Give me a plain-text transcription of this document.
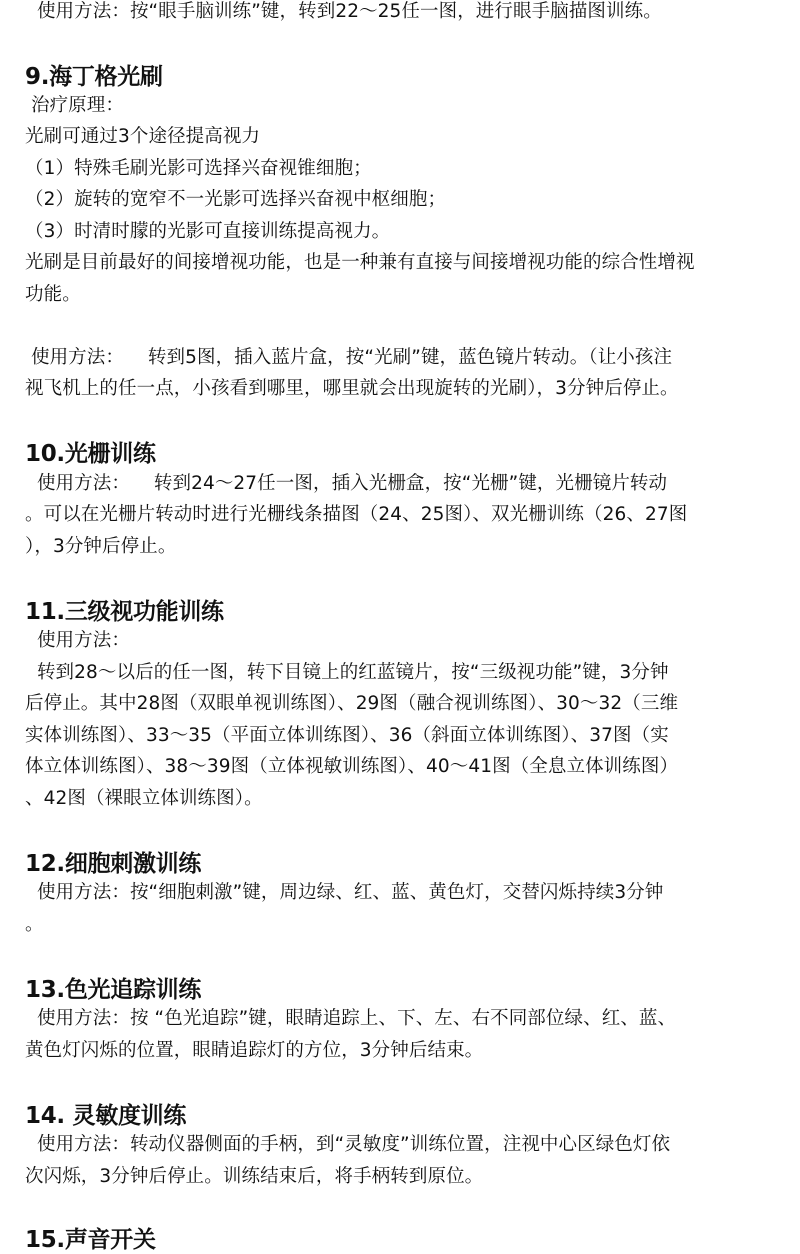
使用方法：按“眼手脑训练”键，转到22～25任一图，进行眼手脑描图训练。

9.海丁格光刷

治疗原理：

光刷可通过3个途径提高视力

（1）特殊毛刷光影可选择兴奋视锥细胞；

（2）旋转的宽窄不一光影可选择兴奋视中枢细胞；

（3）时清时朦的光影可直接训练提高视力。

光刷是目前最好的间接增视功能，也是一种兼有直接与间接增视功能的综合性增视

功能。

使用方法：    转到5图，插入蓝片盒，按“光刷”键，蓝色镜片转动。（让小孩注

视飞机上的任一点，小孩看到哪里，哪里就会出现旋转的光刷），3分钟后停止。

10.光栅训练

使用方法：    转到24～27任一图，插入光栅盒，按“光栅”键，光栅镜片转动

。可以在光栅片转动时进行光栅线条描图（24、25图）、双光栅训练（26、27图

），3分钟后停止。

11.三级视功能训练

使用方法：

转到28～以后的任一图，转下目镜上的红蓝镜片，按“三级视功能”键，3分钟

后停止。其中28图（双眼单视训练图）、29图（融合视训练图）、30～32（三维

实体训练图）、33～35（平面立体训练图）、36（斜面立体训练图）、37图（实

体立体训练图）、38～39图（立体视敏训练图）、40～41图（全息立体训练图）

、42图（裸眼立体训练图）。

12.细胞刺激训练

使用方法：按“细胞刺激”键，周边绿、红、蓝、黄色灯，交替闪烁持续3分钟

。

13.色光追踪训练

使用方法：按 “色光追踪”键，眼睛追踪上、下、左、右不同部位绿、红、蓝、

黄色灯闪烁的位置，眼睛追踪灯的方位，3分钟后结束。

14. 灵敏度训练

使用方法：转动仪器侧面的手柄，到“灵敏度”训练位置，注视中心区绿色灯依

次闪烁，3分钟后停止。训练结束后，将手柄转到原位。

15.声音开关
